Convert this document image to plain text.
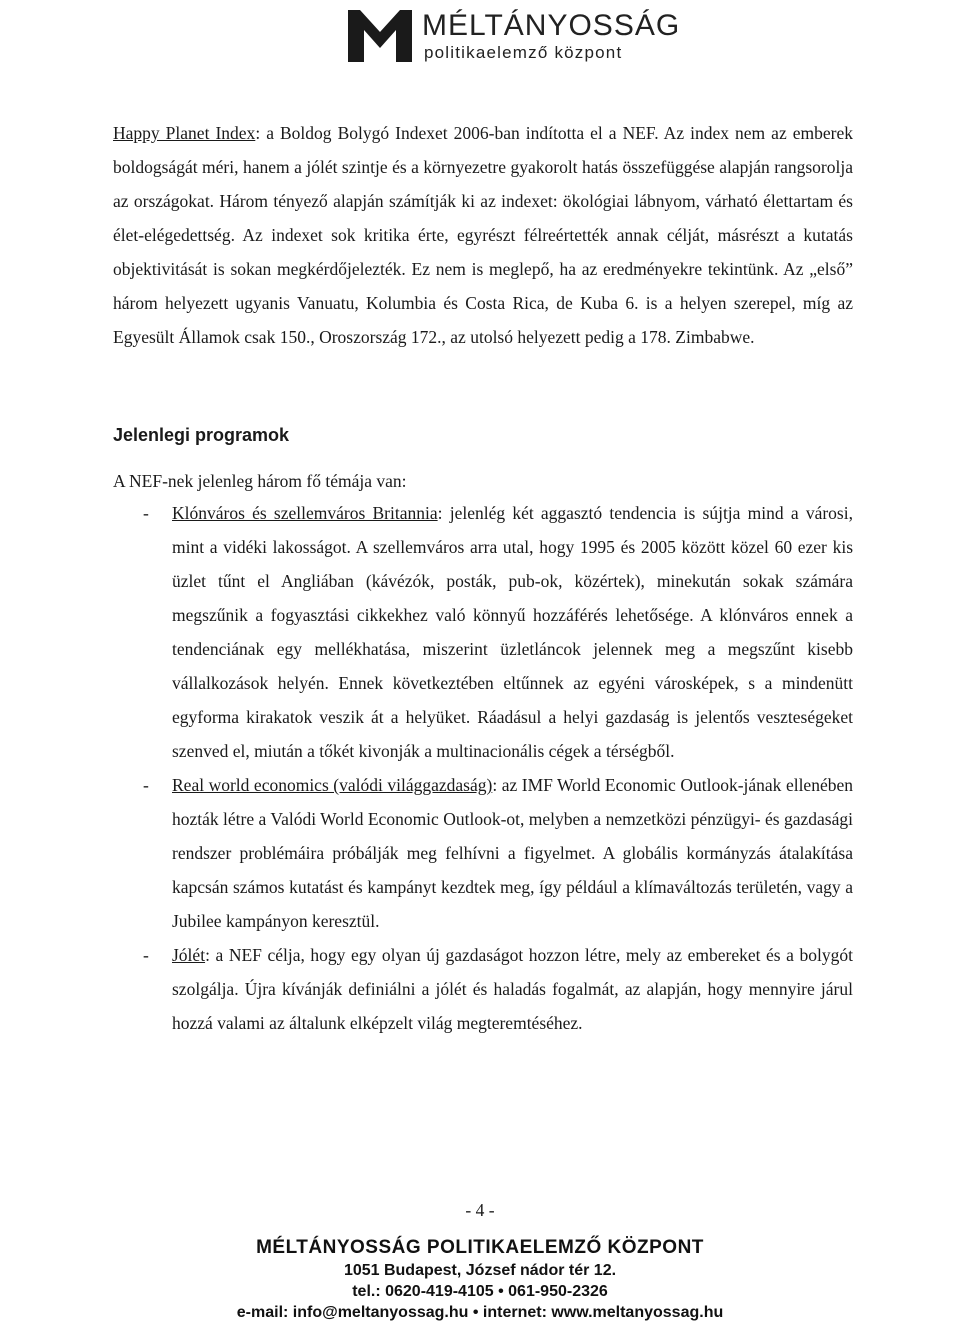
MÉLTÁNYOSSÁG
politikaelemző központ

Happy Planet Index: a Boldog Bolygó Indexet 2006-ban indította el a NEF. Az index nem az emberek boldogságát méri, hanem a jólét szintje és a környezetre gyakorolt hatás összefüggése alapján rangsorolja az országokat. Három tényező alapján számítják ki az indexet: ökológiai lábnyom, várható élettartam és élet-elégedettség. Az indexet sok kritika érte, egyrészt félreértették annak célját, másrészt a kutatás objektivitását is sokan megkérdőjelezték. Ez nem is meglepő, ha az eredményekre tekintünk. Az „első” három helyezett ugyanis Vanuatu, Kolumbia és Costa Rica, de Kuba 6. is a helyen szerepel, míg az Egyesült Államok csak 150., Oroszország 172., az utolsó helyezett pedig a 178. Zimbabwe.

Jelenlegi programok

A NEF-nek jelenleg három fő témája van:

- Klónváros és szellemváros Britannia: jelenlég két aggasztó tendencia is sújtja mind a városi, mint a vidéki lakosságot. A szellemváros arra utal, hogy 1995 és 2005 között közel 60 ezer kis üzlet tűnt el Angliában (kávézók, posták, pub-ok, közértek), minekután sokak számára megszűnik a fogyasztási cikkekhez való könnyű hozzáférés lehetősége. A klónváros ennek a tendenciának egy mellékhatása, miszerint üzletláncok jelennek meg a megszűnt kisebb vállalkozások helyén. Ennek következtében eltűnnek az egyéni városképek, s a mindenütt egyforma kirakatok veszik át a helyüket. Ráadásul a helyi gazdaság is jelentős veszteségeket szenved el, miután a tőkét kivonják a multinacionális cégek a térségből.
- Real world economics (valódi világgazdaság): az IMF World Economic Outlook-jának ellenében hozták létre a Valódi World Economic Outlook-ot, melyben a nemzetközi pénzügyi- és gazdasági rendszer problémáira próbálják meg felhívni a figyelmet. A globális kormányzás átalakítása kapcsán számos kutatást és kampányt kezdtek meg, így például a klímaváltozás területén, vagy a Jubilee kampányon keresztül.
- Jólét: a NEF célja, hogy egy olyan új gazdaságot hozzon létre, mely az embereket és a bolygót szolgálja. Újra kívánják definiálni a jólét és haladás fogalmát, az alapján, hogy mennyire járul hozzá valami az általunk elképzelt világ megteremtéséhez.
- 4 -
MÉLTÁNYOSSÁG POLITIKAELEMZŐ KÖZPONT
1051 Budapest, József nádor tér 12.
tel.: 0620-419-4105 • 061-950-2326
e-mail: info@meltanyossag.hu • internet: www.meltanyossag.hu
